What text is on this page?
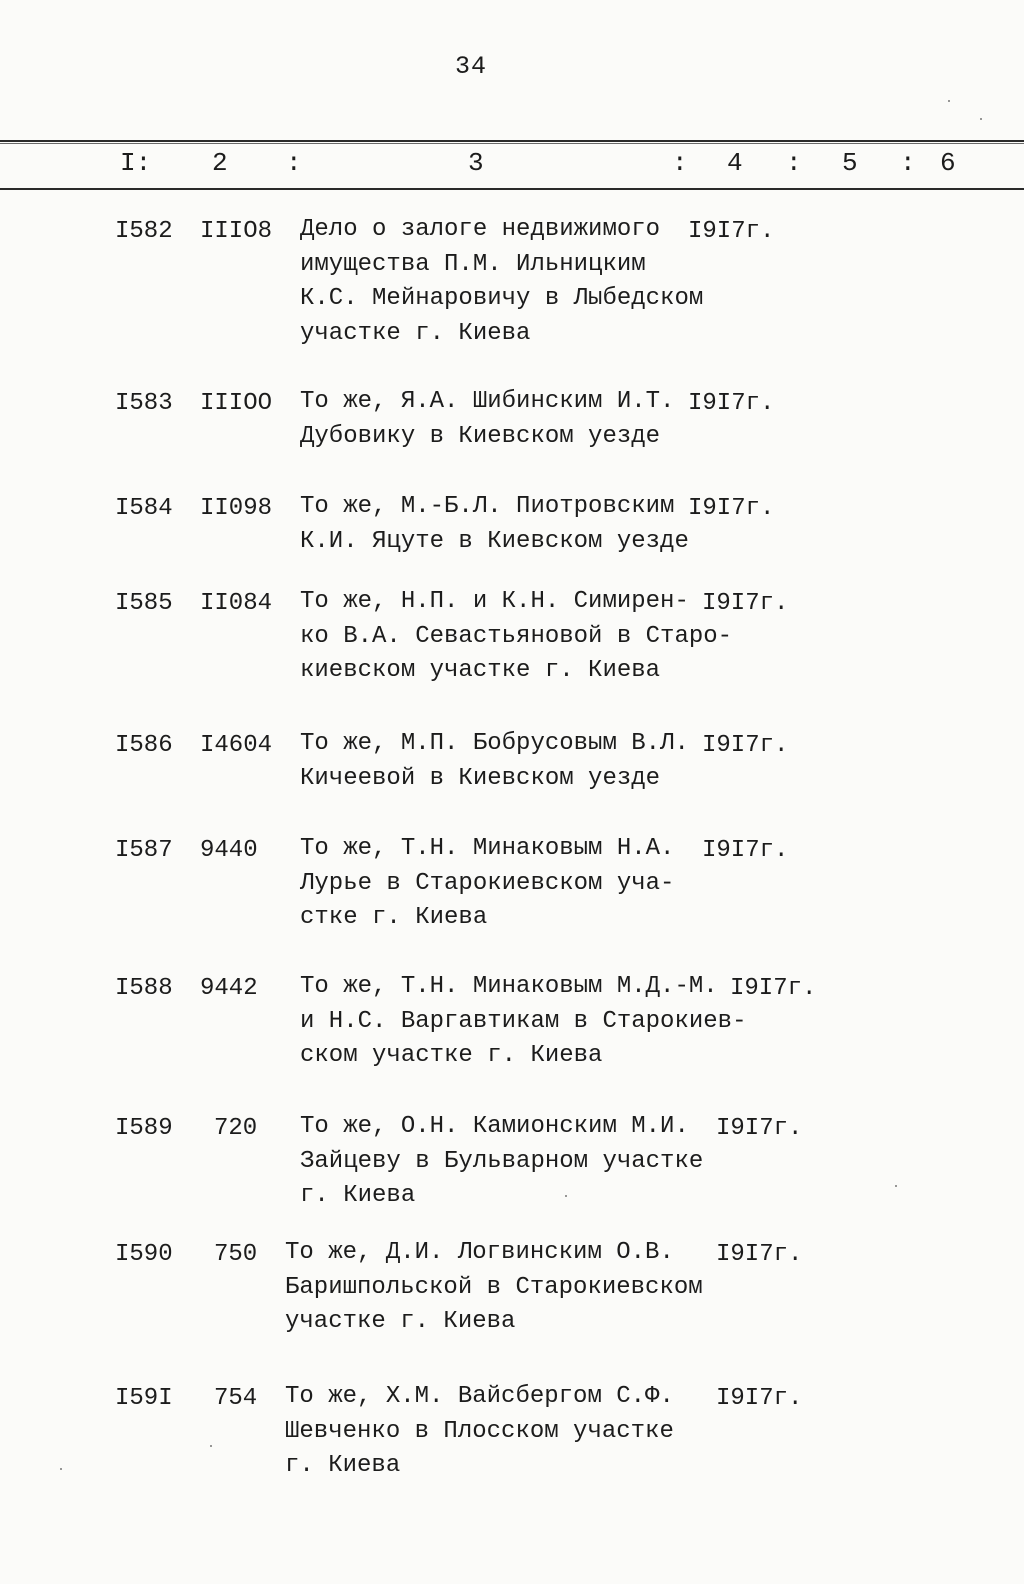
34
I: 2 :	3	: 4 : 5 : 6
I582 IIIO8 Дело о залоге недвижимого
имущества П.М. Ильницким
К.С. Мейнаровичу в Лыбедском
участке г. Киева
I9I7г.
I583 IIIOO То же, Я.А. Шибинским И.Т.
Дубовику в Киевском уезде
I9I7г.
I584 II098 То же, М.-Б.Л. Пиотровским
К.И. Яцуте в Киевском уезде
I9I7г.
I585 II084 То же, Н.П. и К.Н. Симирен-
ко В.А. Севастьяновой в Старо-
киевском участке г. Киева
I9I7г.
I586 I4604 То же, М.П. Бобрусовым В.Л.
Кичеевой в Киевском уезде
I9I7г.
I587 9440 То же, Т.Н. Минаковым Н.А.
Лурье в Старокиевском уча-
стке г. Киева
I9I7г.
I588 9442 То же, Т.Н. Минаковым М.Д.-М.
и Н.С. Варгавтикам в Старокиев-
ском участке г. Киева
I9I7г.
I589 720 То же, О.Н. Камионским М.И.
Зайцеву в Бульварном участке
г. Киева
I9I7г.
I590 750 То же, Д.И. Логвинским О.В.
Баришпольской в Старокиевском
участке г. Киева
I9I7г.
I59I 754 То же, Х.М. Вайсбергом С.Ф.
Шевченко в Плосском участке
г. Киева
I9I7г.
